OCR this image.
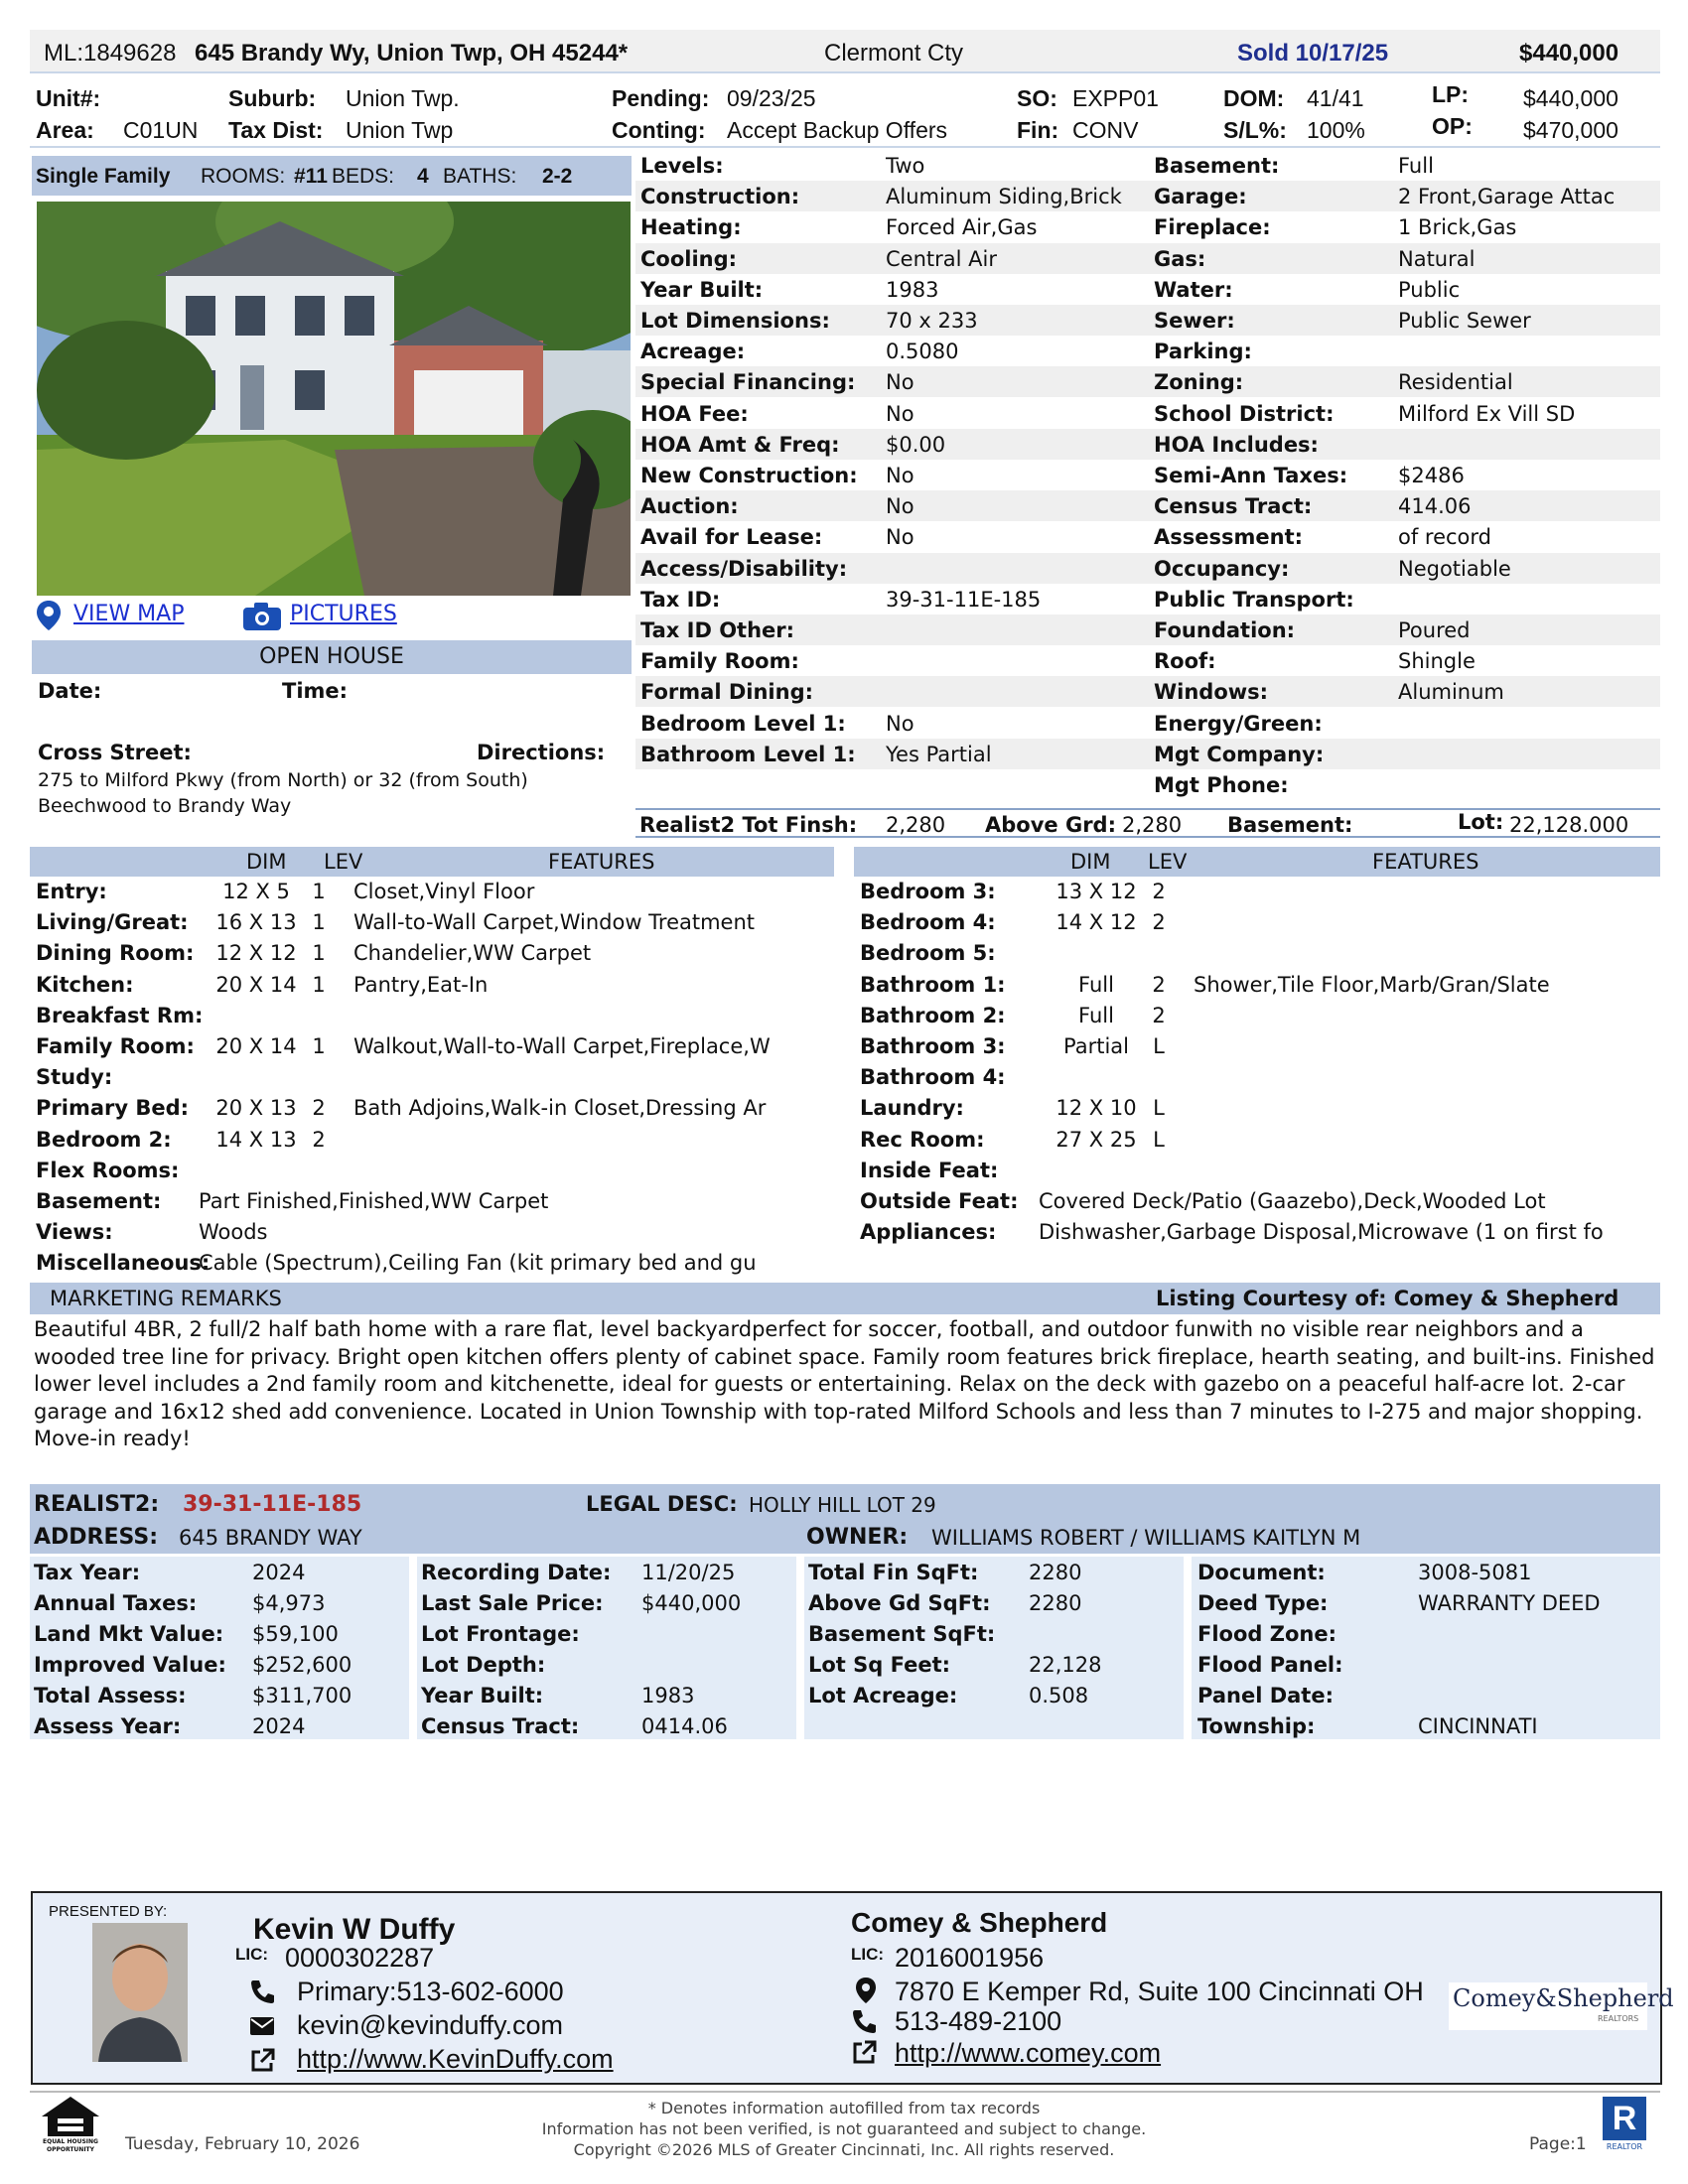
ML:1849628 645 Brandy Wy, Union Twp, OH 45244*	Clermont Cty	Sold 10/17/25	$440,000
Unit#:
Area: C01UN
Suburb: Union Twp.
Tax Dist: Union Twp
Pending: 09/23/25
Conting: Accept Backup Offers
SO: EXPP01
Fin: CONV
DOM: 41/41
S/L%: 100%
LP: $440,000
OP: $470,000
Single Family ROOMS: #11 BEDS: 4 BATHS: 2-2
VIEW MAP	PICTURES
OPEN HOUSE
Date:	Time:
Cross Street:	Directions:
275 to Milford Pkwy (from North) or 32 (from South)
Beechwood to Brandy Way
Levels:	Two	Basement:	Full
Construction:	Aluminum Siding,Brick Garage:	2 Front,Garage Attac
Heating:	Forced Air,Gas	Fireplace:	1 Brick,Gas
Cooling:	Central Air	Gas:	Natural
Year Built:	1983	Water:	Public
Lot Dimensions:	70 x 233	Sewer:	Public Sewer
Acreage:	0.5080	Parking:
Special Financing: No	Zoning:	Residential
HOA Fee:	No	School District:	Milford Ex Vill SD
HOA Amt & Freq: $0.00	HOA Includes:
New Construction: No	Semi-Ann Taxes: $2486
Auction:	No	Census Tract:	414.06
Avail for Lease:	No	Assessment:	of record
Access/Disability:	Occupancy:	Negotiable
Tax ID:	39-31-11E-185	Public Transport:
Tax ID Other:	Foundation:	Poured
Family Room:	Roof:	Shingle
Formal Dining:	Windows:	Aluminum
Bedroom Level 1: No	Energy/Green:
Bathroom Level 1: Yes Partial	Mgt Company:
Mgt Phone:
Realist2 Tot Finsh: 2,280 Above Grd: 2,280 Basement:	Lot: 22,128.000
DIM LEV	FEATURES	DIM LEV	FEATURES
Entry:	12 X 5	1	Closet,Vinyl Floor
Living/Great:	16 X 13 1	Wall-to-Wall Carpet,Window Treatment
Dining Room:	12 X 12 1	Chandelier,WW Carpet
Kitchen:	20 X 14 1	Pantry,Eat-In
Breakfast Rm:
Family Room:	20 X 14 1	Walkout,Wall-to-Wall Carpet,Fireplace,W
Study:
Primary Bed:	20 X 13 2	Bath Adjoins,Walk-in Closet,Dressing Ar
Bedroom 2:	14 X 13 2
Flex Rooms:
Basement: Part Finished,Finished,WW Carpet
Views:	Woods
Miscellaneous:
Cable (Spectrum),Ceiling Fan (kit primary bed and gu
Bedroom 3:	13 X 12 2
Bedroom 4:	14 X 12 2
Bedroom 5:
Bathroom 1:	Full	2	Shower,Tile Floor,Marb/Gran/Slate
Bathroom 2:	Full	2
Bathroom 3:	Partial	L
Bathroom 4:
Laundry:	12 X 10 L
Rec Room:	27 X 25 L
Inside Feat:
Outside Feat: Covered Deck/Patio (Gaazebo),Deck,Wooded Lot
Appliances: Dishwasher,Garbage Disposal,Microwave (1 on first fo
MARKETING REMARKS	Listing Courtesy of: Comey & Shepherd
Beautiful 4BR, 2 full/2 half bath home with a rare flat, level backyardperfect for soccer, football, and outdoor funwith no visible rear neighbors and a wooded tree line for privacy. Bright open kitchen offers plenty of cabinet space. Family room features brick fireplace, hearth seating, and built-ins. Finished lower level includes a 2nd family room and kitchenette, ideal for guests or entertaining. Relax on the deck with gazebo on a peaceful half-acre lot. 2-car garage and 16x12 shed add convenience. Located in Union Township with top-rated Milford Schools and less than 7 minutes to I-275 and major shopping. Move-in ready!
REALIST2: 39-31-11E-185	LEGAL DESC: HOLLY HILL LOT 29
ADDRESS: 645 BRANDY WAY	OWNER: WILLIAMS ROBERT / WILLIAMS KAITLYN M
Tax Year:	2024
Annual Taxes:	$4,973
Land Mkt Value: $59,100
Improved Value: $252,600
Total Assess:	$311,700
Assess Year:	2024
Recording Date: 11/20/25
Last Sale Price: $440,000
Lot Frontage:
Lot Depth:
Year Built:	1983
Census Tract:	0414.06
Total Fin SqFt: 2280
Above Gd SqFt: 2280
Basement SqFt:
Lot Sq Feet:	22,128
Lot Acreage:	0.508
Document:	3008-5081
Deed Type:	WARRANTY DEED
Flood Zone:
Flood Panel:
Panel Date:
Township:	CINCINNATI
PRESENTED BY:
Kevin W Duffy
LIC: 0000302287
Primary:513-602-6000
kevin@kevinduffy.com
http://www.KevinDuffy.com
Comey & Shepherd
LIC: 2016001956
7870 E Kemper Rd, Suite 100 Cincinnati OH
513-489-2100
http://www.comey.com
Comey&Shepherd
REALTORS
EQUAL HOUSING
OPPORTUNITY	Tuesday, February 10, 2026
* Denotes information autofilled from tax records
Information has not been verified, is not guaranteed and subject to change.
Copyright ©2026 MLS of Greater Cincinnati, Inc. All rights reserved.	Page:1
R
REALTOR
